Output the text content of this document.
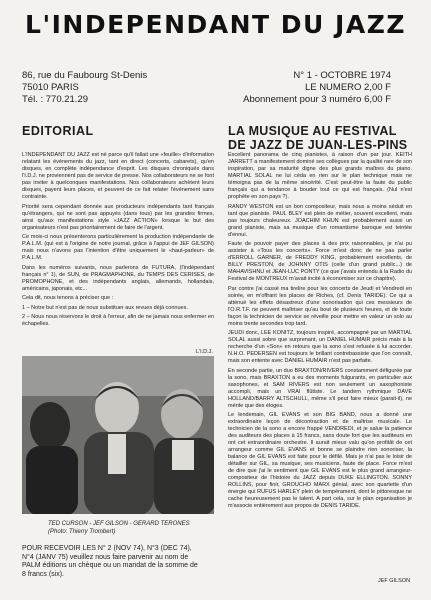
L'INDEPENDANT DU JAZZ
86, rue du Faubourg St-Denis
75010 PARIS
Tél. : 770.21.29
N° 1 - OCTOBRE 1974
LE NUMERO 2,00 F
Abonnement pour 3 numéro 6,00 F
EDITORIAL	LA MUSIQUE AU FESTIVAL DE JAZZ DE JUAN-LES-PINS

L'INDEPENDANT DU JAZZ est né parce qu'il fallait une «feuille» d'information relatant les événements du jazz, tant en direct (concerts, cabarets), qu'en disques, en complète indépendance d'esprit. Les disques chroniqués dans l'I.D.J. ne proviennent pas de service de presse. Nos collaborateurs ne se font pas inviter à quelconques manifestations. Nos collaborateurs achètent leurs disques, payent leurs places, et peuvent de ce fait relater l'événement sans contrainte.

Priorité sera cependant donnée aux producteurs indépendants tant français qu'étrangers, qui ne sont pas appuyés (dans tous) par les grandes firmes, ainsi qu'aux manifestations style «JAZZ ACTION» lorsque le but des organisateurs n'est pas prioritairement de faire de l'argent.

Ce mois-ci nous présenterons particulièrement la production indépendante de P.A.L.M. (qui est à l'origine de notre journal, grâce à l'appui de JEF GILSON) mais nous n'avons pas l'intention d'être uniquement le «haut-parleur» de P.A.L.M.

Dans les numéros suivants, nous parlerons de FUTURA, (l'indépendant français n° 1), de SUN, de PRAGMAPHONE, du TEMPS DES CERISES, de PROMOPHONE, et des indépendants anglais, allemands, hollandais, américains, japonais, etc...

Cela dit, nous tenons à préciser que :

1 – Notre but n'est pas de nous substituer aux revues déjà connues.

2 – Nous nous réservons le droit à l'erreur, afin de ne jamais nous enfermer en échapelles.

L'I.D.J.
TED CURSON - JEF GILSON - GERARD TERONES
(Photo: Thierry Trombert)

POUR RECEVOIR LES N° 2 (NOV 74), N°3 (DEC 74), N°4 (JANV 75) veuillez nous faire parvenir au nom de PALM éditions un chèque ou un mandat de la somme de 8 francs (six).

Excellent panorama de cinq pianistes, à raison d'un par jour. KEITH JARRETT a manifestement dominé ses collègues par la qualité rare de son inspiration, par sa maturité digne des plus grands maîtres du piano. MARTIAL SOLAL ne lui céda en rien sur le plan technique mais ne témoigna pas de la même sincérité. C'est peut-être la faute du public français qui a tendance à bouder tout ce qui est français. (Nul n'est prophète en son pays ?).

RANDY WESTON est un bon compositeur, mais nous a moins séduit en tant que pianiste. PAUL BLEY est plein de métier, souvent excellent, mais pas toujours chaleureux. JOACHIM KHUN est probablement aussi un grand pianiste, mais sa musique d'un romantisme baroque est teintée d'ennui.

Faute de pouvoir payer des places à des prix raisonnables, je n'ai pu assister à «Tous les concerts». Force m'est donc de ne pas parler d'ERROLL GARNER, de FREDDY KING, probablement excellents, de BILLY PRESTON, de JOHNNY OTIS (celle d'un grand public...) de MAHAVISHNU et JEAN-LUC PONTY (ce que j'avais entendu à la Radio du Festival de MONTREUX m'avait incité à économiser sur ce chapitre).

Par contre j'ai cassé ma tirelire pour les concerts de Jeudi et Vendredi en soirée, en m'offrant les places de Riches, (cf. Denis TARIDE). Ce qui a atténué les effets désastreux d'une sonorisation qui ces messieurs de l'O.R.T.F. ne peuvent maîtriser qu'au bout de plusieurs heures, et de toute façon la technicien de service se réveille pour mettre en valeur un solo au moins trente secondes trop tard.

JEUDI donc, LEE KONITZ, toujours inspiré, accompagné par un MARTIAL SOLAL aussi sobre que surprenant, un DANIEL HUMAIR précis mais à la recherche d'un «Son» en retours que la sono s'est refusée à lui accorder. N.H.O. PEDERSEN est toujours le brillant contrebassiste que l'on connaît, mais son entente avec DANIEL HUMAIR n'est pas parfaite.

En seconde partie, un duo BRAXTON/RIVERS constamment défigurée par la sono, mais BRAXTON a eu des moments fulgurants, en particulier aux saxophones, et SAM RIVERS est non seulement un saxophoniste accompli, mais un VRAI flûtiste. Le tandem rythmique DAVE HOLLAND/BARRY ALTSCHULL, même s'il peut faire mieux (parait-il), ne mérite que des éloges.

Le lendemain, GIL EVANS et son BIG BAND, nous a donné une extraordinaire leçon de décontraction et de maîtrise musicale. Le technicien de la sono a encore frappé VENDREDI, et je salue la patience des auditeurs des places à 15 francs, sans doute fort que les auditeurs en ont cet extraordinaire orchestre. Il aurait mieux valu qu'on profitât de cet arrangeur comme GIL EVANS et bonne se plaindre rien sonoriser, la balance de GIL EVANS est faite pour le défilé. Mais je n'ai pas le loisir de détailler sur GIL, sa musique, ses musiciens, faute de place. Force m'est de dire que j'ai le sentiment que GIL EVANS est le plus grand arrangeur-compositeur de l'histoire du JAZZ depuis DUKE ELLINGTON. SONNY ROLLINS, pour finir, GROUCHO MARX génial, avec son quartette d'un énergie qui RUFUS HARLEY plein de tempérament, dont le pittoresque ne cache heureusement pas le talent. A part cela, sur le plan organisation je m'associe entièrement aux propos de DENIS TARIDE.

JEF GILSON
